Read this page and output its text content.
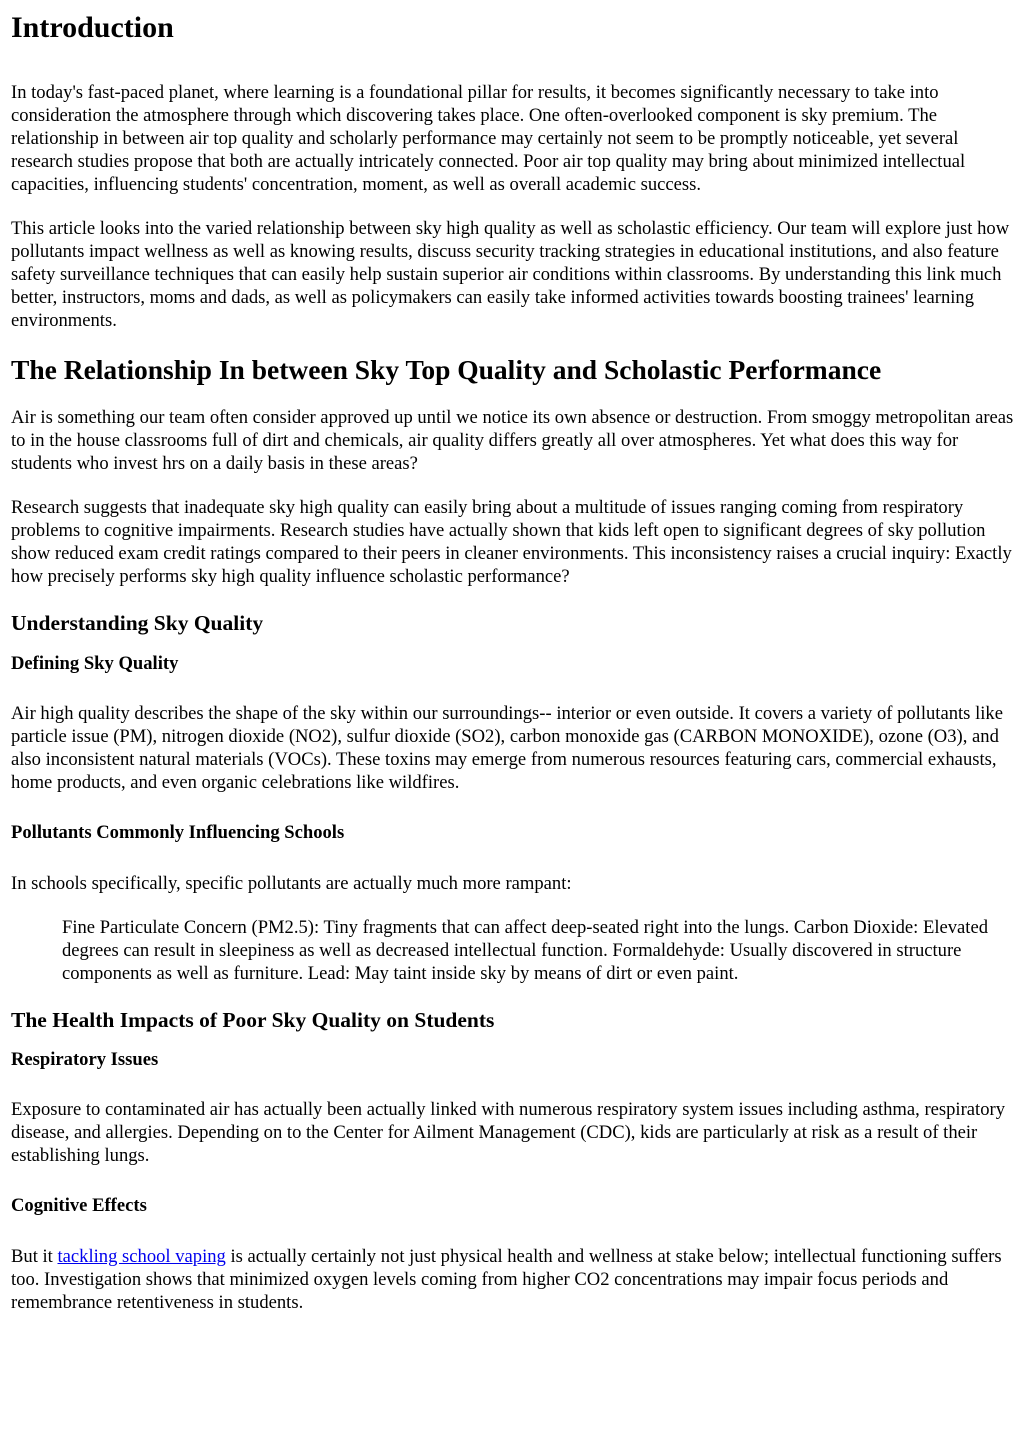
Introduction

In today's fast-paced planet, where learning is a foundational pillar for results, it becomes significantly necessary to take into consideration the atmosphere through which discovering takes place. One often-overlooked component is sky premium. The relationship in between air top quality and scholarly performance may certainly not seem to be promptly noticeable, yet several research studies propose that both are actually intricately connected. Poor air top quality may bring about minimized intellectual capacities, influencing students' concentration, moment, as well as overall academic success.

This article looks into the varied relationship between sky high quality as well as scholastic efficiency. Our team will explore just how pollutants impact wellness as well as knowing results, discuss security tracking strategies in educational institutions, and also feature safety surveillance techniques that can easily help sustain superior air conditions within classrooms. By understanding this link much better, instructors, moms and dads, as well as policymakers can easily take informed activities towards boosting trainees' learning environments.

The Relationship In between Sky Top Quality and Scholastic Performance

Air is something our team often consider approved up until we notice its own absence or destruction. From smoggy metropolitan areas to in the house classrooms full of dirt and chemicals, air quality differs greatly all over atmospheres. Yet what does this way for students who invest hrs on a daily basis in these areas?

Research suggests that inadequate sky high quality can easily bring about a multitude of issues ranging coming from respiratory problems to cognitive impairments. Research studies have actually shown that kids left open to significant degrees of sky pollution show reduced exam credit ratings compared to their peers in cleaner environments. This inconsistency raises a crucial inquiry: Exactly how precisely performs sky high quality influence scholastic performance?

Understanding Sky Quality
Defining Sky Quality

Air high quality describes the shape of the sky within our surroundings-- interior or even outside. It covers a variety of pollutants like particle issue (PM), nitrogen dioxide (NO2), sulfur dioxide (SO2), carbon monoxide gas (CARBON MONOXIDE), ozone (O3), and also inconsistent natural materials (VOCs). These toxins may emerge from numerous resources featuring cars, commercial exhausts, home products, and even organic celebrations like wildfires.

Pollutants Commonly Influencing Schools

In schools specifically, specific pollutants are actually much more rampant:

Fine Particulate Concern (PM2.5): Tiny fragments that can affect deep-seated right into the lungs. Carbon Dioxide: Elevated degrees can result in sleepiness as well as decreased intellectual function. Formaldehyde: Usually discovered in structure components as well as furniture. Lead: May taint inside sky by means of dirt or even paint.
The Health Impacts of Poor Sky Quality on Students
Respiratory Issues

Exposure to contaminated air has actually been actually linked with numerous respiratory system issues including asthma, respiratory disease, and allergies. Depending on to the Center for Ailment Management (CDC), kids are particularly at risk as a result of their establishing lungs.

Cognitive Effects

But it tackling school vaping is actually certainly not just physical health and wellness at stake below; intellectual functioning suffers too. Investigation shows that minimized oxygen levels coming from higher CO2 concentrations may impair focus periods and remembrance retentiveness in students.
